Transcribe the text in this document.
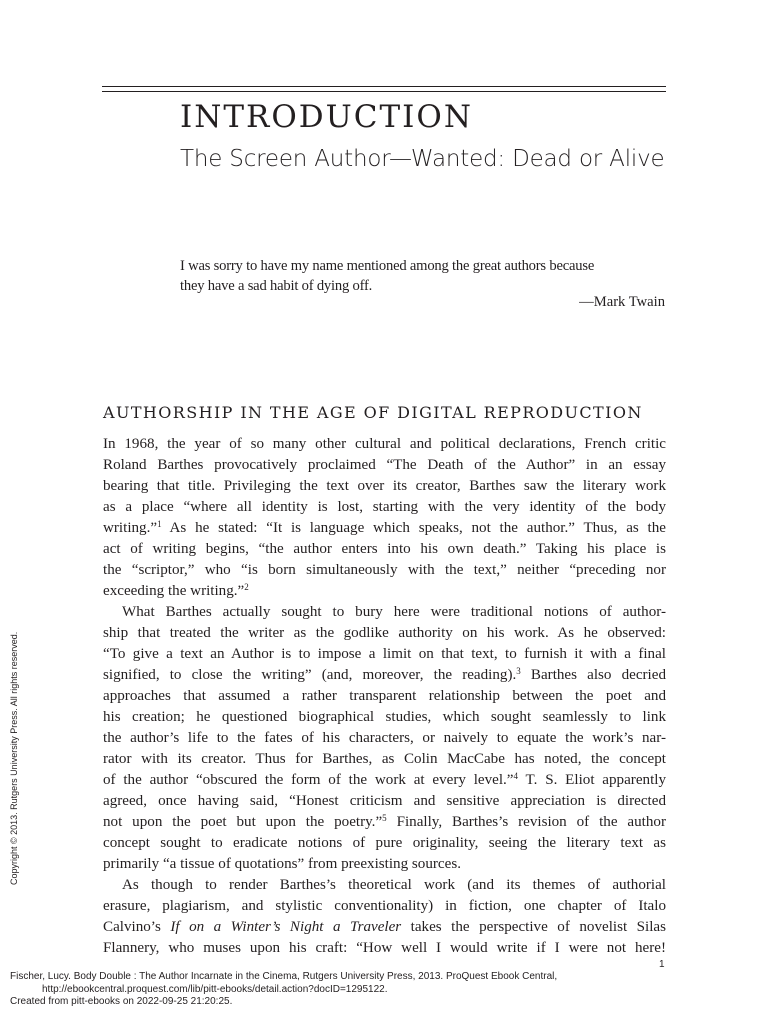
INTRODUCTION
The Screen Author—Wanted: Dead or Alive
I was sorry to have my name mentioned among the great authors because
they have a sad habit of dying off.
—Mark Twain
AUTHORSHIP IN THE AGE OF DIGITAL REPRODUCTION
In 1968, the year of so many other cultural and political declarations, French critic
Roland Barthes provocatively proclaimed “The Death of the Author” in an essay
bearing that title. Privileging the text over its creator, Barthes saw the literary work
as a place “where all identity is lost, starting with the very identity of the body
writing.”$^1$ As he stated: “It is language which speaks, not the author.” Thus, as the
act of writing begins, “the author enters into his own death.” Taking his place is
the “scriptor,” who “is born simultaneously with the text,” neither “preceding nor
exceeding the writing.”$^2$
What Barthes actually sought to bury here were traditional notions of author-
ship that treated the writer as the godlike authority on his work. As he observed:
“To give a text an Author is to impose a limit on that text, to furnish it with a final
signified, to close the writing” (and, moreover, the reading).$^3$ Barthes also decried
approaches that assumed a rather transparent relationship between the poet and
his creation; he questioned biographical studies, which sought seamlessly to link
the author’s life to the fates of his characters, or naively to equate the work’s nar-
rator with its creator. Thus for Barthes, as Colin MacCabe has noted, the concept
of the author “obscured the form of the work at every level.”$^4$ T. S. Eliot apparently
agreed, once having said, “Honest criticism and sensitive appreciation is directed
not upon the poet but upon the poetry.”$^5$ Finally, Barthes’s revision of the author
concept sought to eradicate notions of pure originality, seeing the literary text as
primarily “a tissue of quotations” from preexisting sources.
As though to render Barthes’s theoretical work (and its themes of authorial
erasure, plagiarism, and stylistic conventionality) in fiction, one chapter of Italo
Calvino’s If on a Winter’s Night a Traveler takes the perspective of novelist Silas
Flannery, who muses upon his craft: “How well I would write if I were not here!
1
Fischer, Lucy. Body Double : The Author Incarnate in the Cinema, Rutgers University Press, 2013. ProQuest Ebook Central,
http://ebookcentral.proquest.com/lib/pitt-ebooks/detail.action?docID=1295122.
Created from pitt-ebooks on 2022-09-25 21:20:25.
Copyright © 2013. Rutgers University Press. All rights reserved.
